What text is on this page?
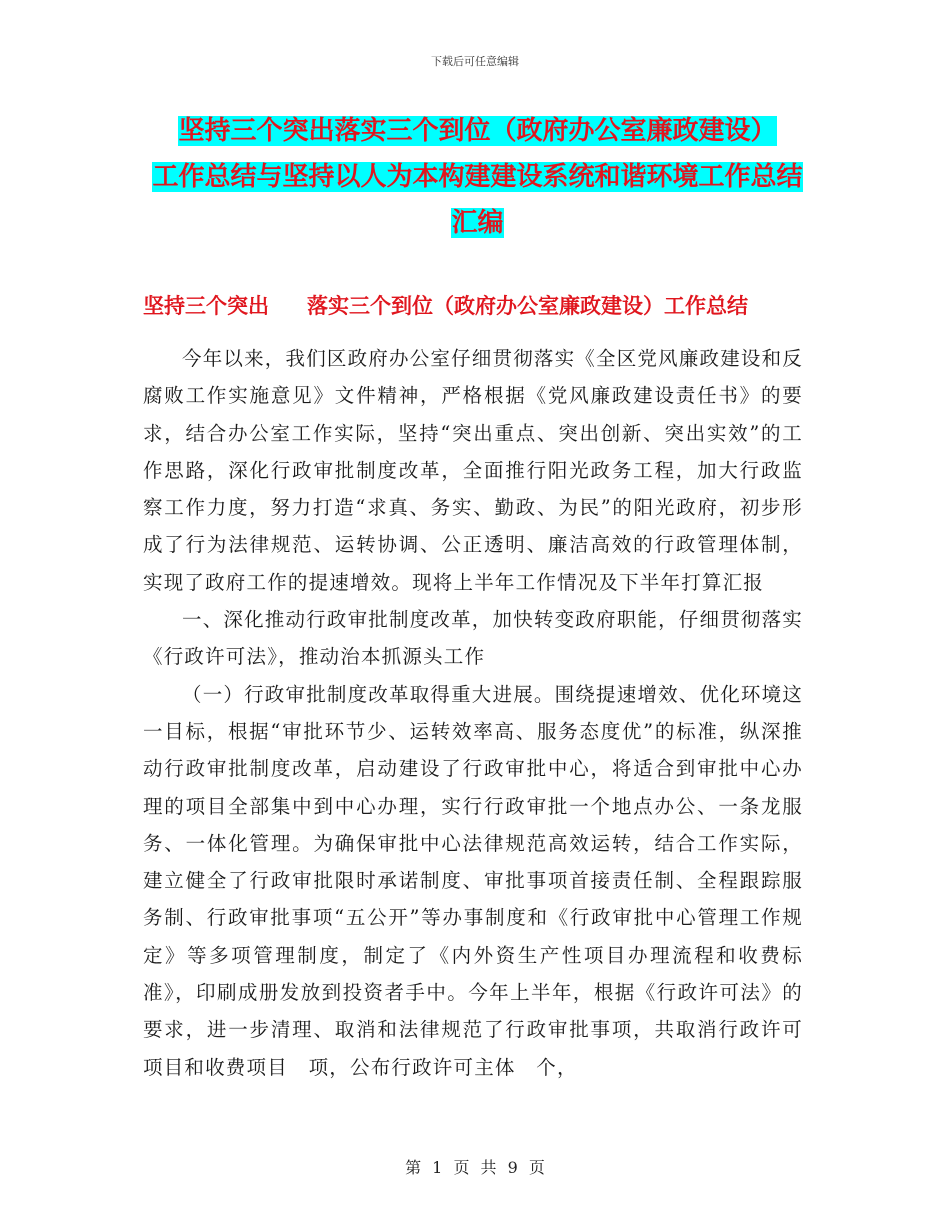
下载后可任意编辑
坚持三个突出落实三个到位（政府办公室廉政建设）
工作总结与坚持以人为本构建建设系统和谐环境工作总结
汇编
坚持三个突出 落实三个到位（政府办公室廉政建设）工作总结

今年以来，我们区政府办公室仔细贯彻落实《全区党风廉政建设和反腐败工作实施意见》文件精神，严格根据《党风廉政建设责任书》的要求，结合办公室工作实际，坚持“突出重点、突出创新、突出实效”的工作思路，深化行政审批制度改革，全面推行阳光政务工程，加大行政监察工作力度，努力打造“求真、务实、勤政、为民”的阳光政府，初步形成了行为法律规范、运转协调、公正透明、廉洁高效的行政管理体制，实现了政府工作的提速增效。现将上半年工作情况及下半年打算汇报

一、深化推动行政审批制度改革，加快转变政府职能，仔细贯彻落实《行政许可法》，推动治本抓源头工作

（一）行政审批制度改革取得重大进展。围绕提速增效、优化环境这一目标，根据“审批环节少、运转效率高、服务态度优”的标准，纵深推动行政审批制度改革，启动建设了行政审批中心，将适合到审批中心办理的项目全部集中到中心办理，实行行政审批一个地点办公、一条龙服务、一体化管理。为确保审批中心法律规范高效运转，结合工作实际，建立健全了行政审批限时承诺制度、审批事项首接责任制、全程跟踪服务制、行政审批事项“五公开”等办事制度和《行政审批中心管理工作规定》等多项管理制度，制定了《内外资生产性项目办理流程和收费标准》，印刷成册发放到投资者手中。今年上半年，根据《行政许可法》的要求，进一步清理、取消和法律规范了行政审批事项，共取消行政许可项目和收费项目　项，公布行政许可主体　个，

第 1 页 共 9 页
